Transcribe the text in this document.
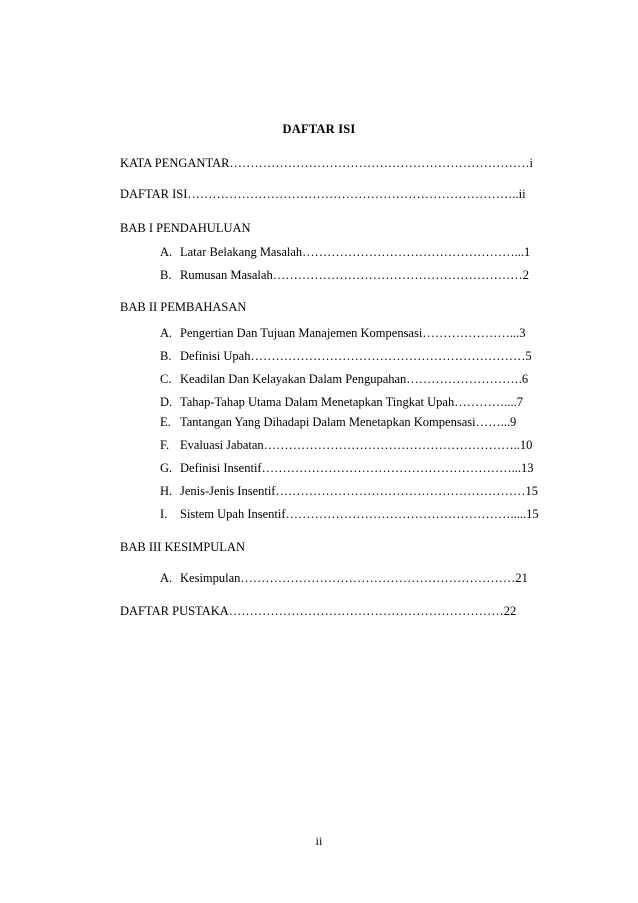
DAFTAR ISI
KATA PENGANTAR………………………………………………………………i
DAFTAR ISI……………………………………………………………………..ii
BAB I PENDAHULUAN
A. Latar Belakang Masalah……………………………………………...1
B. Rumusan Masalah……………………………………………………2
BAB II PEMBAHASAN
A. Pengertian Dan Tujuan Manajemen Kompensasi…………………...3
B. Definisi Upah…………………………………………………………5
C. Keadilan Dan Kelayakan Dalam Pengupahan……………………….6
D. Tahap-Tahap Utama Dalam Menetapkan Tingkat Upah…………....7
E. Tantangan Yang Dihadapi Dalam Menetapkan Kompensasi……...9
F. Evaluasi Jabatan……………………………………………………..10
G. Definisi Insentif……………………………………………………...13
H. Jenis-Jenis Insentif……………………………………………………15
I. Sistem Upah Insentif……………………………………………….....15
BAB III KESIMPULAN
A. Kesimpulan…………………………………………………………21
DAFTAR PUSTAKA…………………………………………………………22
ii
